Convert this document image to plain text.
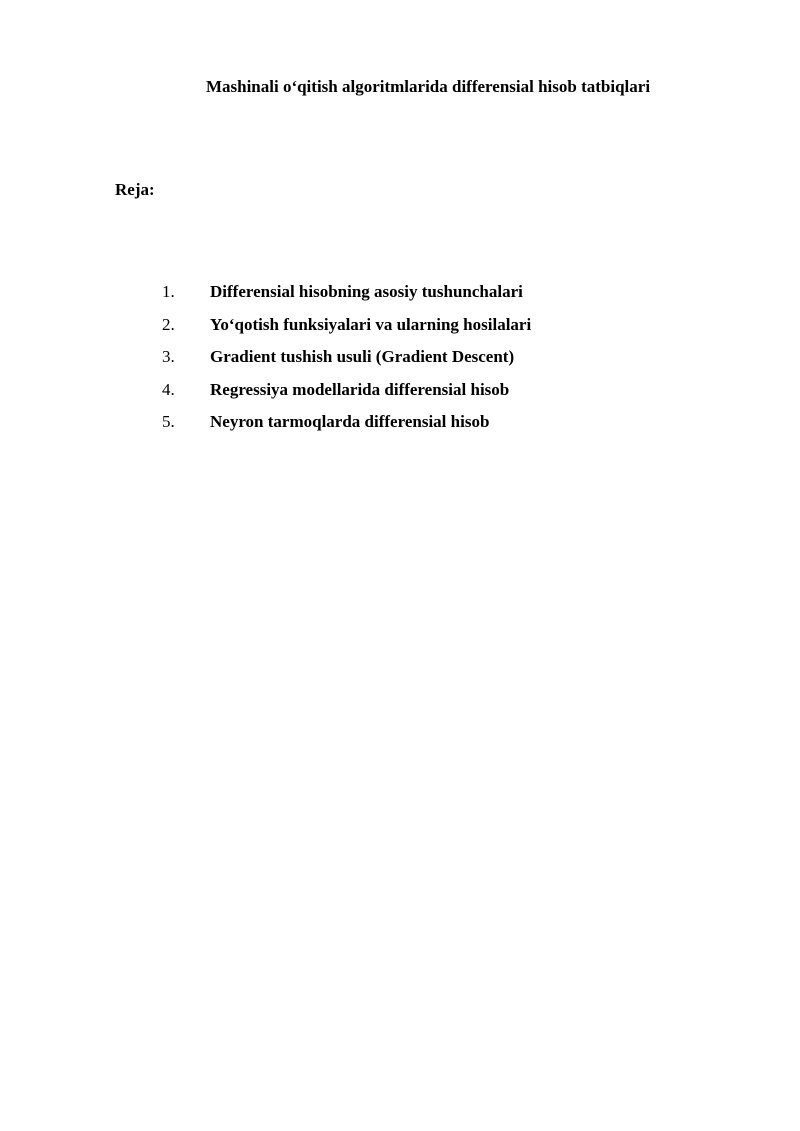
Mashinali o‘qitish algoritmlarida differensial hisob tatbiqlari
Reja:
1. Differensial hisobning asosiy tushunchalari
2. Yo‘qotish funksiyalari va ularning hosilalari
3. Gradient tushish usuli (Gradient Descent)
4. Regressiya modellarida differensial hisob
5. Neyron tarmoqlarda differensial hisob
